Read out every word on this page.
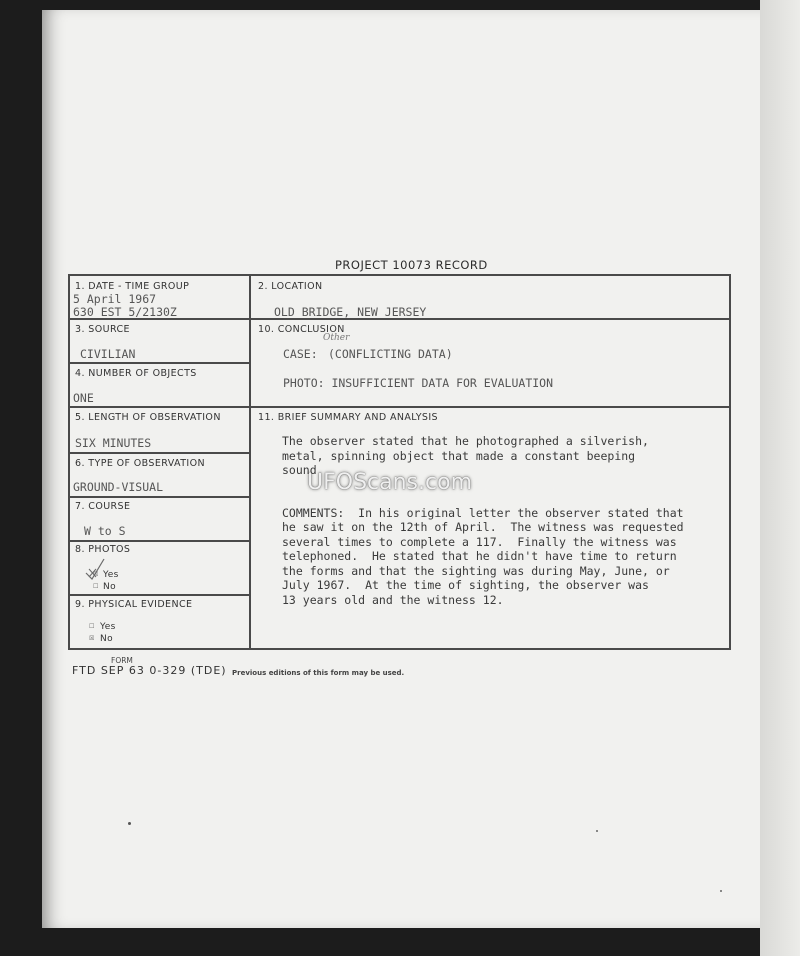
PROJECT 10073 RECORD
1. DATE - TIME GROUP
5 April 1967
630 EST 5/2130Z
2. LOCATION
OLD BRIDGE, NEW JERSEY
3. SOURCE
CIVILIAN
10. CONCLUSION
CASE: (CONFLICTING DATA)
Other
PHOTO: INSUFFICIENT DATA FOR EVALUATION
4. NUMBER OF OBJECTS
ONE
5. LENGTH OF OBSERVATION
SIX MINUTES
11. BRIEF SUMMARY AND ANALYSIS
The observer stated that he photographed a silverish,
metal, spinning object that made a constant beeping
sound.
COMMENTS:  In his original letter the observer stated that
he saw it on the 12th of April.  The witness was requested
several times to complete a 117.  Finally the witness was
telephoned.  He stated that he didn't have time to return
the forms and that the sighting was during May, June, or
July 1967.  At the time of sighting, the observer was
13 years old and the witness 12.
6. TYPE OF OBSERVATION
GROUND-VISUAL
7. COURSE
W to S
8. PHOTOS
☒ Yes
☐ No
9. PHYSICAL EVIDENCE
☐ Yes
☒ No
UFOScans.com
FORM
FTD SEP 63 0-329 (TDE) Previous editions of this form may be used.
